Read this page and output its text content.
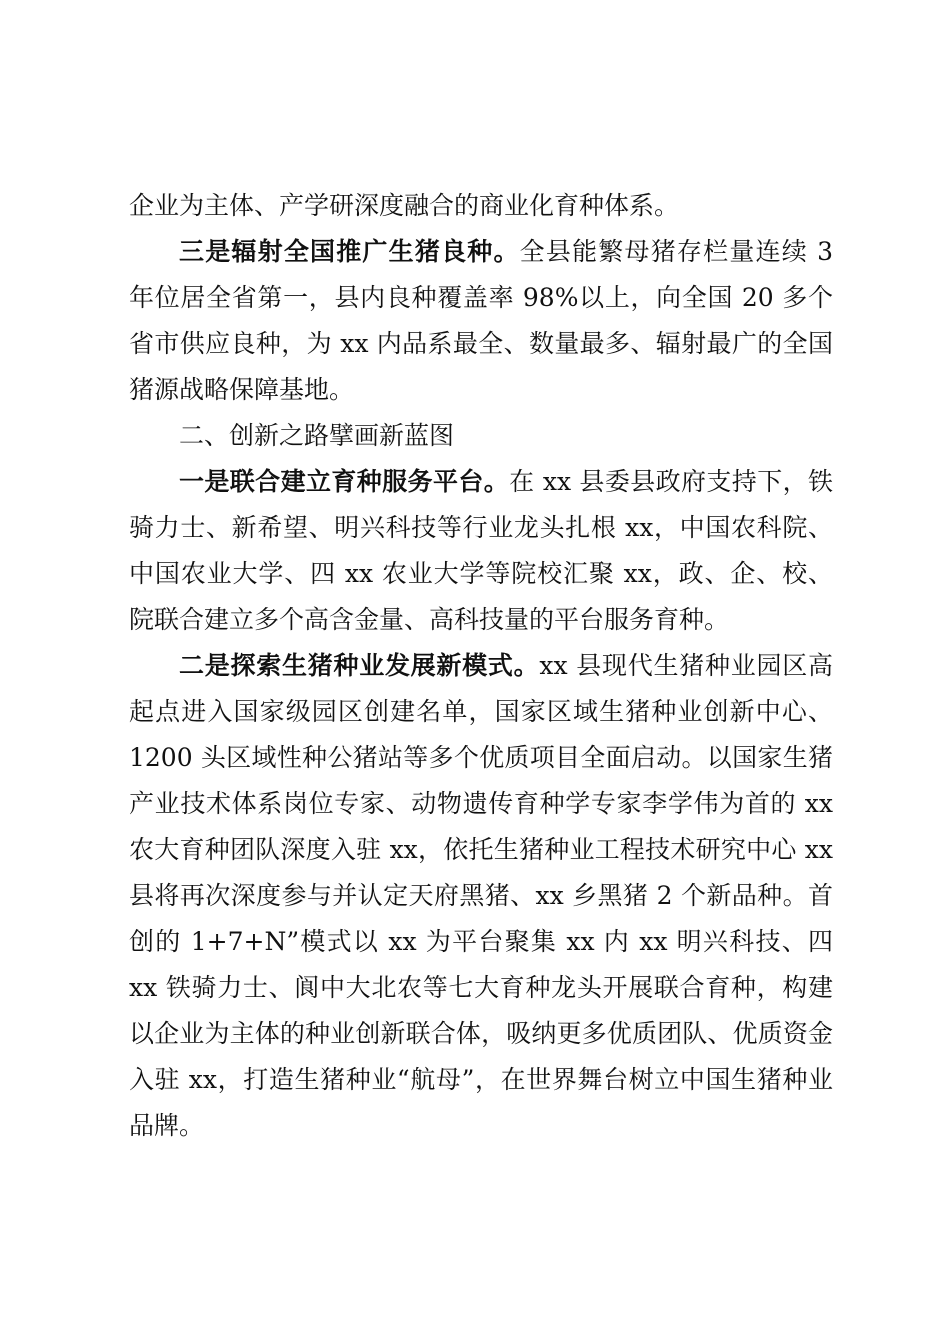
企业为主体、产学研深度融合的商业化育种体系。

三是辐射全国推广生猪良种。全县能繁母猪存栏量连续 3 年位居全省第一，县内良种覆盖率 98%以上，向全国 20 多个省市供应良种，为 xx 内品系最全、数量最多、辐射最广的全国猪源战略保障基地。

二、创新之路擘画新蓝图

一是联合建立育种服务平台。在 xx 县委县政府支持下，铁骑力士、新希望、明兴科技等行业龙头扎根 xx，中国农科院、中国农业大学、四 xx 农业大学等院校汇聚 xx，政、企、校、院联合建立多个高含金量、高科技量的平台服务育种。

二是探索生猪种业发展新模式。xx 县现代生猪种业园区高起点进入国家级园区创建名单，国家区域生猪种业创新中心、1200 头区域性种公猪站等多个优质项目全面启动。以国家生猪产业技术体系岗位专家、动物遗传育种学专家李学伟为首的 xx 农大育种团队深度入驻 xx，依托生猪种业工程技术研究中心 xx 县将再次深度参与并认定天府黑猪、xx 乡黑猪 2 个新品种。首创的 1+7+N”模式以 xx 为平台聚集 xx 内 xx 明兴科技、四 xx 铁骑力士、阆中大北农等七大育种龙头开展联合育种，构建以企业为主体的种业创新联合体，吸纳更多优质团队、优质资金入驻 xx，打造生猪种业“航母”，在世界舞台树立中国生猪种业品牌。
